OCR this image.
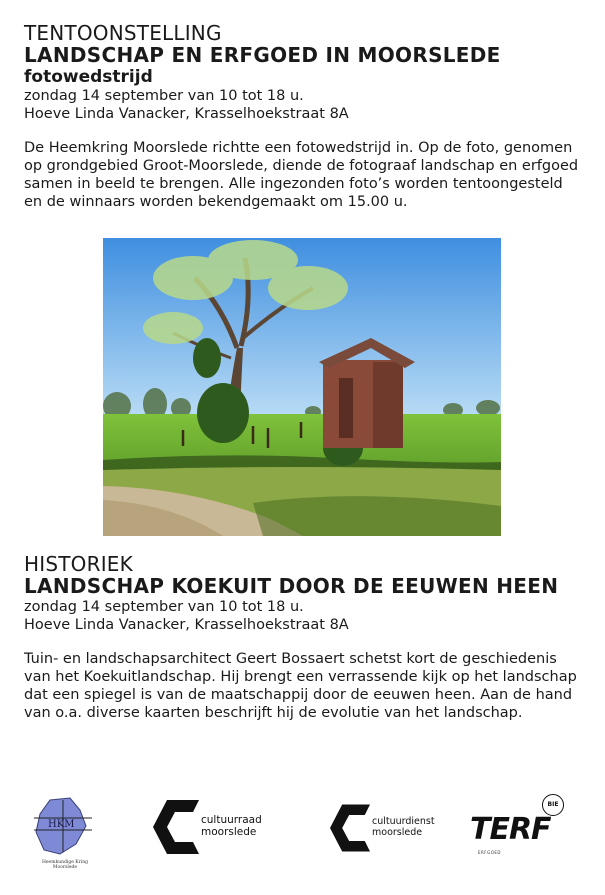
TENTOONSTELLING
LANDSCHAP EN ERFGOED IN MOORSLEDE
fotowedstrijd
zondag 14 september van 10 tot 18 u.
Hoeve Linda Vanacker, Krasselhoekstraat 8A
De Heemkring Moorslede richtte een fotowedstrijd in. Op de foto, genomen op grondgebied Groot-Moorslede, diende de fotograaf landschap en erfgoed samen in beeld te brengen. Alle ingezonden foto’s worden tentoongesteld en de winnaars worden bekendgemaakt om 15.00 u.
HISTORIEK
LANDSCHAP KOEKUIT DOOR DE EEUWEN HEEN
zondag 14 september van 10 tot 18 u.
Hoeve Linda Vanacker, Krasselhoekstraat 8A
Tuin- en landschapsarchitect Geert Bossaert schetst kort de geschiedenis van het Koekuitlandschap. Hij brengt een verrassende kijk op het landschap dat een spiegel is van de maatschappij door de eeuwen heen. Aan de hand van o.a. diverse kaarten beschrijft hij de evolutie van het landschap.
HKM
Heemkundige Kring Moorslede
cultuurraad
moorslede
cultuurdienst
moorslede TERF
BIE
ERFGOED
